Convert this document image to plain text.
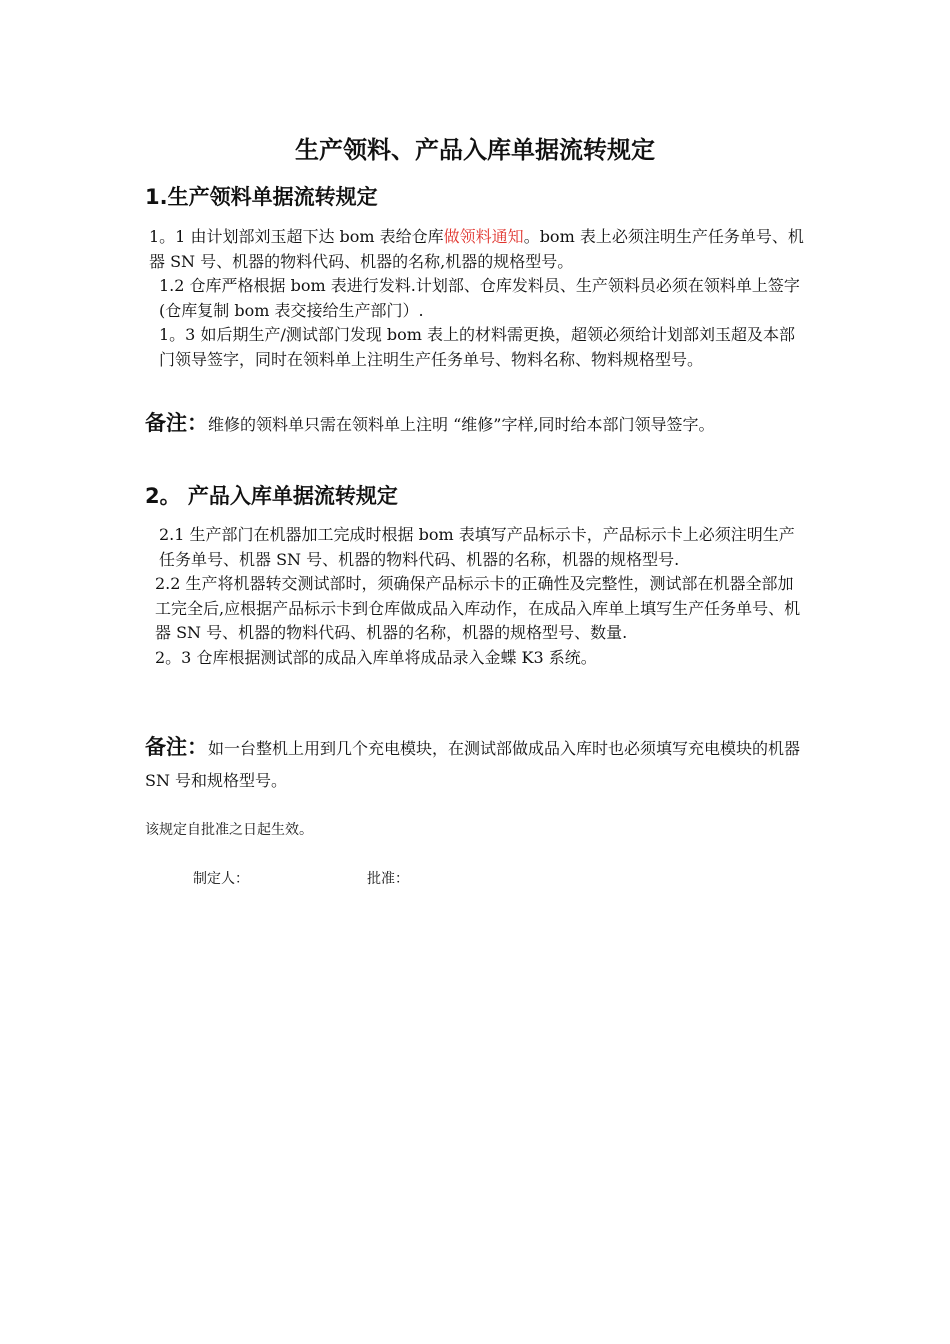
生产领料、产品入库单据流转规定
1.生产领料单据流转规定

1。1 由计划部刘玉超下达 bom 表给仓库做领料通知。bom 表上必须注明生产任务单号、机器 SN 号、机器的物料代码、机器的名称,机器的规格型号。

1.2 仓库严格根据 bom 表进行发料.计划部、仓库发料员、生产领料员必须在领料单上签字(仓库复制 bom 表交接给生产部门）.

1。3 如后期生产/测试部门发现 bom 表上的材料需更换，超领必须给计划部刘玉超及本部门领导签字，同时在领料单上注明生产任务单号、物料名称、物料规格型号。

备注：维修的领料单只需在领料单上注明 “维修”字样,同时给本部门领导签字。
2。 产品入库单据流转规定

2.1 生产部门在机器加工完成时根据 bom 表填写产品标示卡，产品标示卡上必须注明生产任务单号、机器 SN 号、机器的物料代码、机器的名称，机器的规格型号.

2.2 生产将机器转交测试部时，须确保产品标示卡的正确性及完整性，测试部在机器全部加工完全后,应根据产品标示卡到仓库做成品入库动作，在成品入库单上填写生产任务单号、机器 SN 号、机器的物料代码、机器的名称，机器的规格型号、数量.

2。3 仓库根据测试部的成品入库单将成品录入金蝶 K3 系统。

备注：如一台整机上用到几个充电模块，在测试部做成品入库时也必须填写充电模块的机器 SN 号和规格型号。
该规定自批准之日起生效。
制定人：	批准：
